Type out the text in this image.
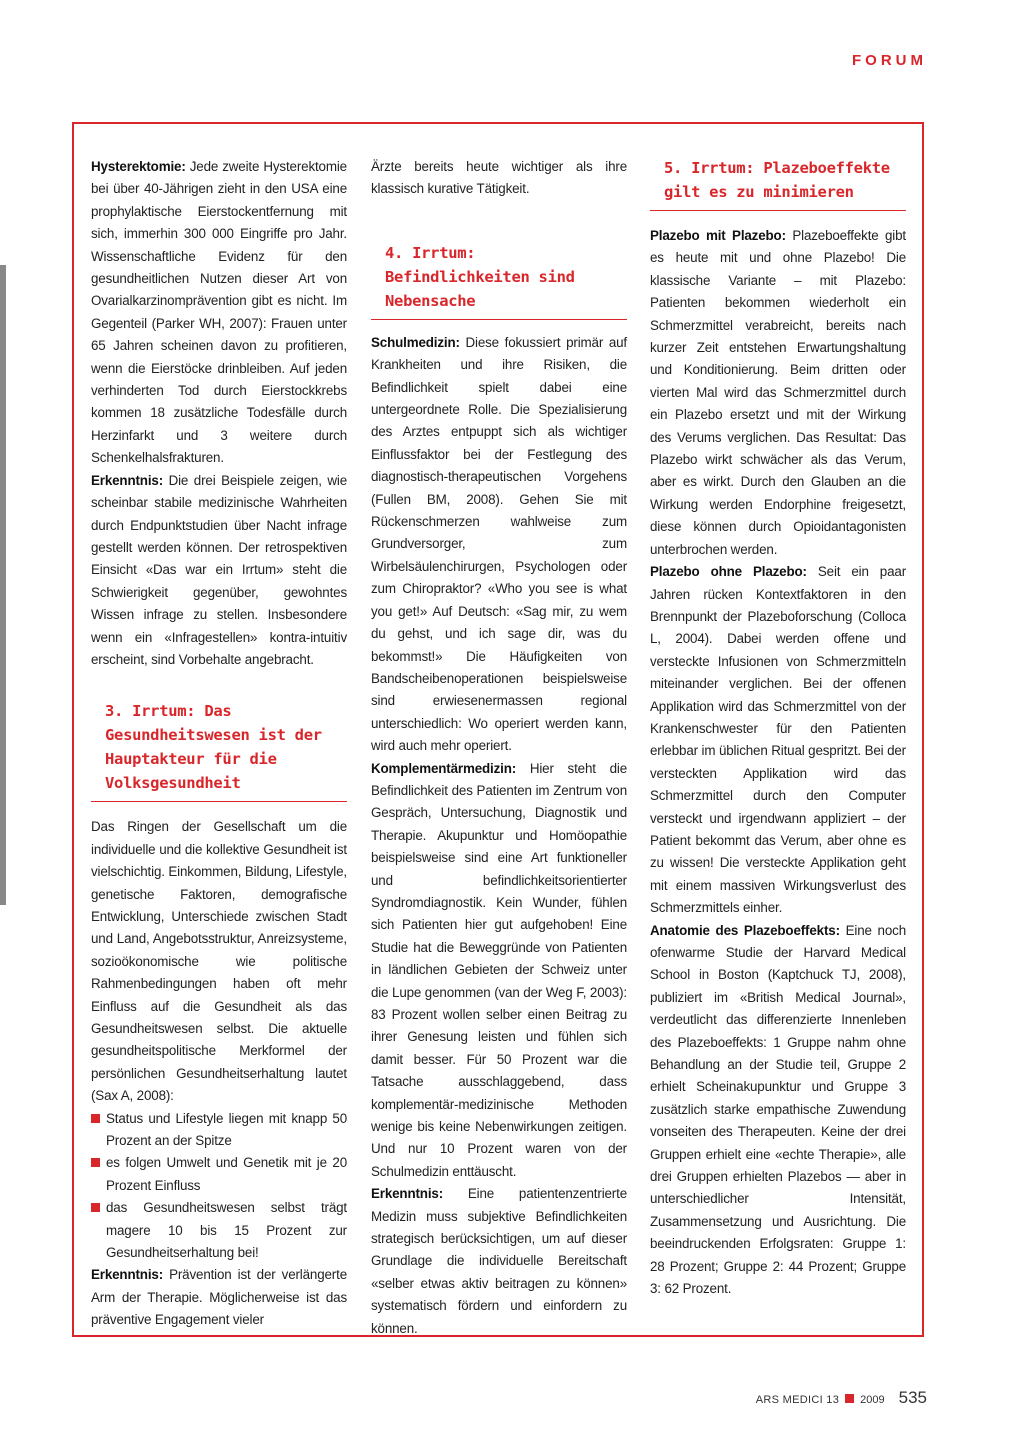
FORUM

Hysterektomie: Jede zweite Hysterektomie bei über 40-Jährigen zieht in den USA eine prophylaktische Eierstockentfernung mit sich, immerhin 300 000 Eingriffe pro Jahr. Wissenschaftliche Evidenz für den gesundheitlichen Nutzen dieser Art von Ovarialkarzinomprävention gibt es nicht. Im Gegenteil (Parker WH, 2007): Frauen unter 65 Jahren scheinen davon zu profitieren, wenn die Eierstöcke drinbleiben. Auf jeden verhinderten Tod durch Eierstockkrebs kommen 18 zusätzliche Todesfälle durch Herzinfarkt und 3 weitere durch Schenkelhalsfrakturen.

Erkenntnis: Die drei Beispiele zeigen, wie scheinbar stabile medizinische Wahrheiten durch Endpunktstudien über Nacht infrage gestellt werden können. Der retrospektiven Einsicht «Das war ein Irrtum» steht die Schwierigkeit gegenüber, gewohntes Wissen infrage zu stellen. Insbesondere wenn ein «Infragestellen» kontra-intuitiv erscheint, sind Vorbehalte angebracht.

3. Irrtum: Das Gesundheitswesen ist der Hauptakteur für die Volksgesundheit

Das Ringen der Gesellschaft um die individuelle und die kollektive Gesundheit ist vielschichtig. Einkommen, Bildung, Lifestyle, genetische Faktoren, demografische Entwicklung, Unterschiede zwischen Stadt und Land, Angebotsstruktur, Anreizsysteme, sozioökonomische wie politische Rahmenbedingungen haben oft mehr Einfluss auf die Gesundheit als das Gesundheitswesen selbst. Die aktuelle gesundheitspolitische Merkformel der persönlichen Gesundheitserhaltung lautet (Sax A, 2008):

Status und Lifestyle liegen mit knapp 50 Prozent an der Spitze
es folgen Umwelt und Genetik mit je 20 Prozent Einfluss
das Gesundheitswesen selbst trägt magere 10 bis 15 Prozent zur Gesundheitserhaltung bei!

Erkenntnis: Prävention ist der verlängerte Arm der Therapie. Möglicherweise ist das präventive Engagement vieler

Ärzte bereits heute wichtiger als ihre klassisch kurative Tätigkeit.

4. Irrtum: Befindlichkeiten sind Nebensache

Schulmedizin: Diese fokussiert primär auf Krankheiten und ihre Risiken, die Befindlichkeit spielt dabei eine untergeordnete Rolle. Die Spezialisierung des Arztes entpuppt sich als wichtiger Einflussfaktor bei der Festlegung des diagnostisch-therapeutischen Vorgehens (Fullen BM, 2008). Gehen Sie mit Rückenschmerzen wahlweise zum Grundversorger, zum Wirbelsäulenchirurgen, Psychologen oder zum Chiropraktor? «Who you see is what you get!» Auf Deutsch: «Sag mir, zu wem du gehst, und ich sage dir, was du bekommst!» Die Häufigkeiten von Bandscheibenoperationen beispielsweise sind erwiesenermassen regional unterschiedlich: Wo operiert werden kann, wird auch mehr operiert.

Komplementärmedizin: Hier steht die Befindlichkeit des Patienten im Zentrum von Gespräch, Untersuchung, Diagnostik und Therapie. Akupunktur und Homöopathie beispielsweise sind eine Art funktioneller und befindlichkeitsorientierter Syndromdiagnostik. Kein Wunder, fühlen sich Patienten hier gut aufgehoben! Eine Studie hat die Beweggründe von Patienten in ländlichen Gebieten der Schweiz unter die Lupe genommen (van der Weg F, 2003): 83 Prozent wollen selber einen Beitrag zu ihrer Genesung leisten und fühlen sich damit besser. Für 50 Prozent war die Tatsache ausschlaggebend, dass komplementär-medizinische Methoden wenige bis keine Nebenwirkungen zeitigen. Und nur 10 Prozent waren von der Schulmedizin enttäuscht.

Erkenntnis: Eine patientenzentrierte Medizin muss subjektive Befindlichkeiten strategisch berücksichtigen, um auf dieser Grundlage die individuelle Bereitschaft «selber etwas aktiv beitragen zu können» systematisch fördern und einfordern zu können.

5. Irrtum: Plazeboeffekte gilt es zu minimieren

Plazebo mit Plazebo: Plazeboeffekte gibt es heute mit und ohne Plazebo! Die klassische Variante – mit Plazebo: Patienten bekommen wiederholt ein Schmerzmittel verabreicht, bereits nach kurzer Zeit entstehen Erwartungshaltung und Konditionierung. Beim dritten oder vierten Mal wird das Schmerzmittel durch ein Plazebo ersetzt und mit der Wirkung des Verums verglichen. Das Resultat: Das Plazebo wirkt schwächer als das Verum, aber es wirkt. Durch den Glauben an die Wirkung werden Endorphine freigesetzt, diese können durch Opioidantagonisten unterbrochen werden.

Plazebo ohne Plazebo: Seit ein paar Jahren rücken Kontextfaktoren in den Brennpunkt der Plazeboforschung (Colloca L, 2004). Dabei werden offene und versteckte Infusionen von Schmerzmitteln miteinander verglichen. Bei der offenen Applikation wird das Schmerzmittel von der Krankenschwester für den Patienten erlebbar im üblichen Ritual gespritzt. Bei der versteckten Applikation wird das Schmerzmittel durch den Computer versteckt und irgendwann appliziert – der Patient bekommt das Verum, aber ohne es zu wissen! Die versteckte Applikation geht mit einem massiven Wirkungsverlust des Schmerzmittels einher.

Anatomie des Plazeboeffekts: Eine noch ofenwarme Studie der Harvard Medical School in Boston (Kaptchuck TJ, 2008), publiziert im «British Medical Journal», verdeutlicht das differenzierte Innenleben des Plazeboeffekts: 1 Gruppe nahm ohne Behandlung an der Studie teil, Gruppe 2 erhielt Scheinakupunktur und Gruppe 3 zusätzlich starke empathische Zuwendung vonseiten des Therapeuten. Keine der drei Gruppen erhielt eine «echte Therapie», alle drei Gruppen erhielten Plazebos — aber in unterschiedlicher Intensität, Zusammensetzung und Ausrichtung. Die beeindruckenden Erfolgsraten: Gruppe 1: 28 Prozent; Gruppe 2: 44 Prozent; Gruppe 3: 62 Prozent.

ARS MEDICI 13 2009 535
